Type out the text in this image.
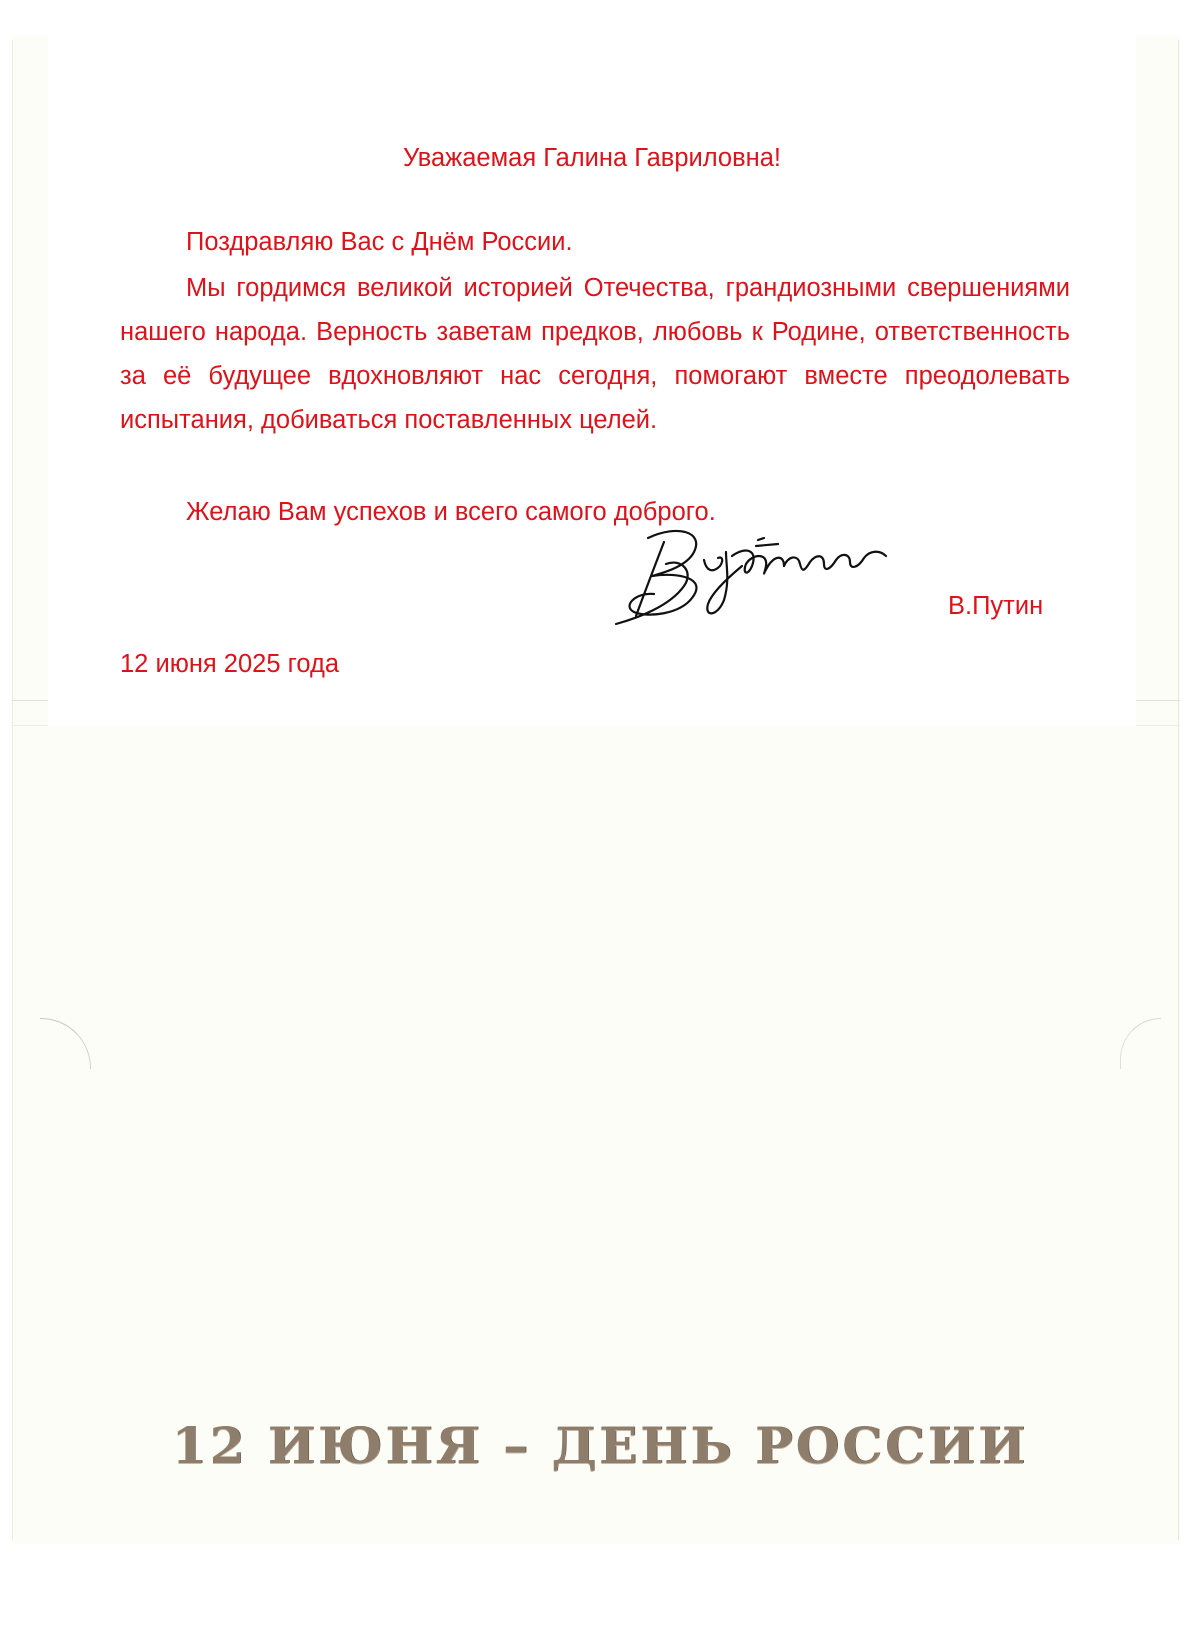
Уважаемая Галина Гавриловна!

Поздравляю Вас с Днём России.

Мы гордимся великой историей Отечества, грандиозными свершениями нашего народа. Верность заветам предков, любовь к Родине, ответственность за её будущее вдохновляют нас сегодня, помогают вместе преодолевать испытания, добиваться поставленных целей.

Желаю Вам успехов и всего самого доброго.

В.Путин
12 июня 2025 года
12 ИЮНЯ – ДЕНЬ РОССИИ
